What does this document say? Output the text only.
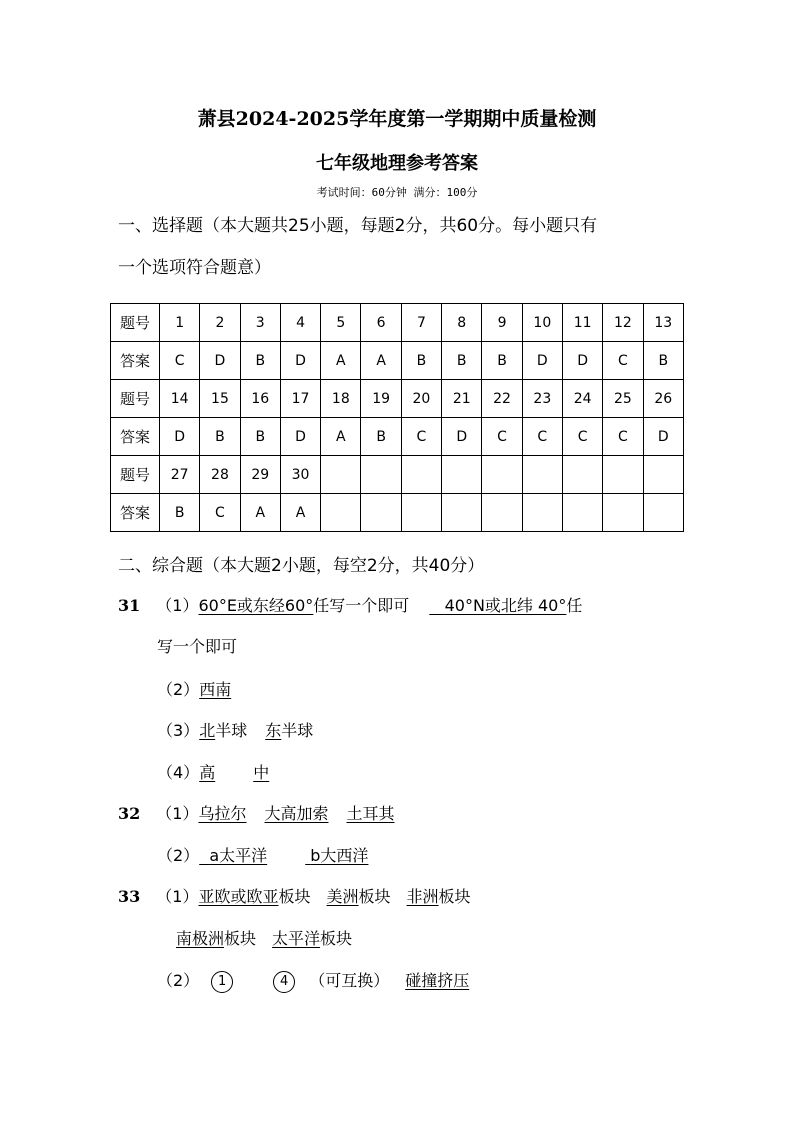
萧县2024-2025学年度第一学期期中质量检测
七年级地理参考答案
考试时间：60分钟 满分：100分
一、选择题（本大题共25小题，每题2分，共60分。每小题只有
一个选项符合题意）
题号	1	2	3	4	5	6	7	8	9	10	11	12	13
答案	C	D	B	D	A	A	B	B	B	D	D	C	B
题号	14	15	16	17	18	19	20	21	22	23	24	25	26
答案	D	B	B	D	A	B	C	D	C	C	C	C	D
题号	27	28	29	30									
答案	B	C	A	A									
二、综合题（本大题2小题，每空2分，共40分）
31 （1）60°E或东经60°任写一个即可 40°N或北纬 40°任
写一个即可
（2）西南
（3）北半球 东半球
（4）高 中
32 （1）乌拉尔 大高加索 土耳其
（2） a太平洋	b大西洋
33 （1）亚欧或欧亚板块 美洲板块 非洲板块
南极洲板块 太平洋板块
（2） 1	4 （可互换） 碰撞挤压
